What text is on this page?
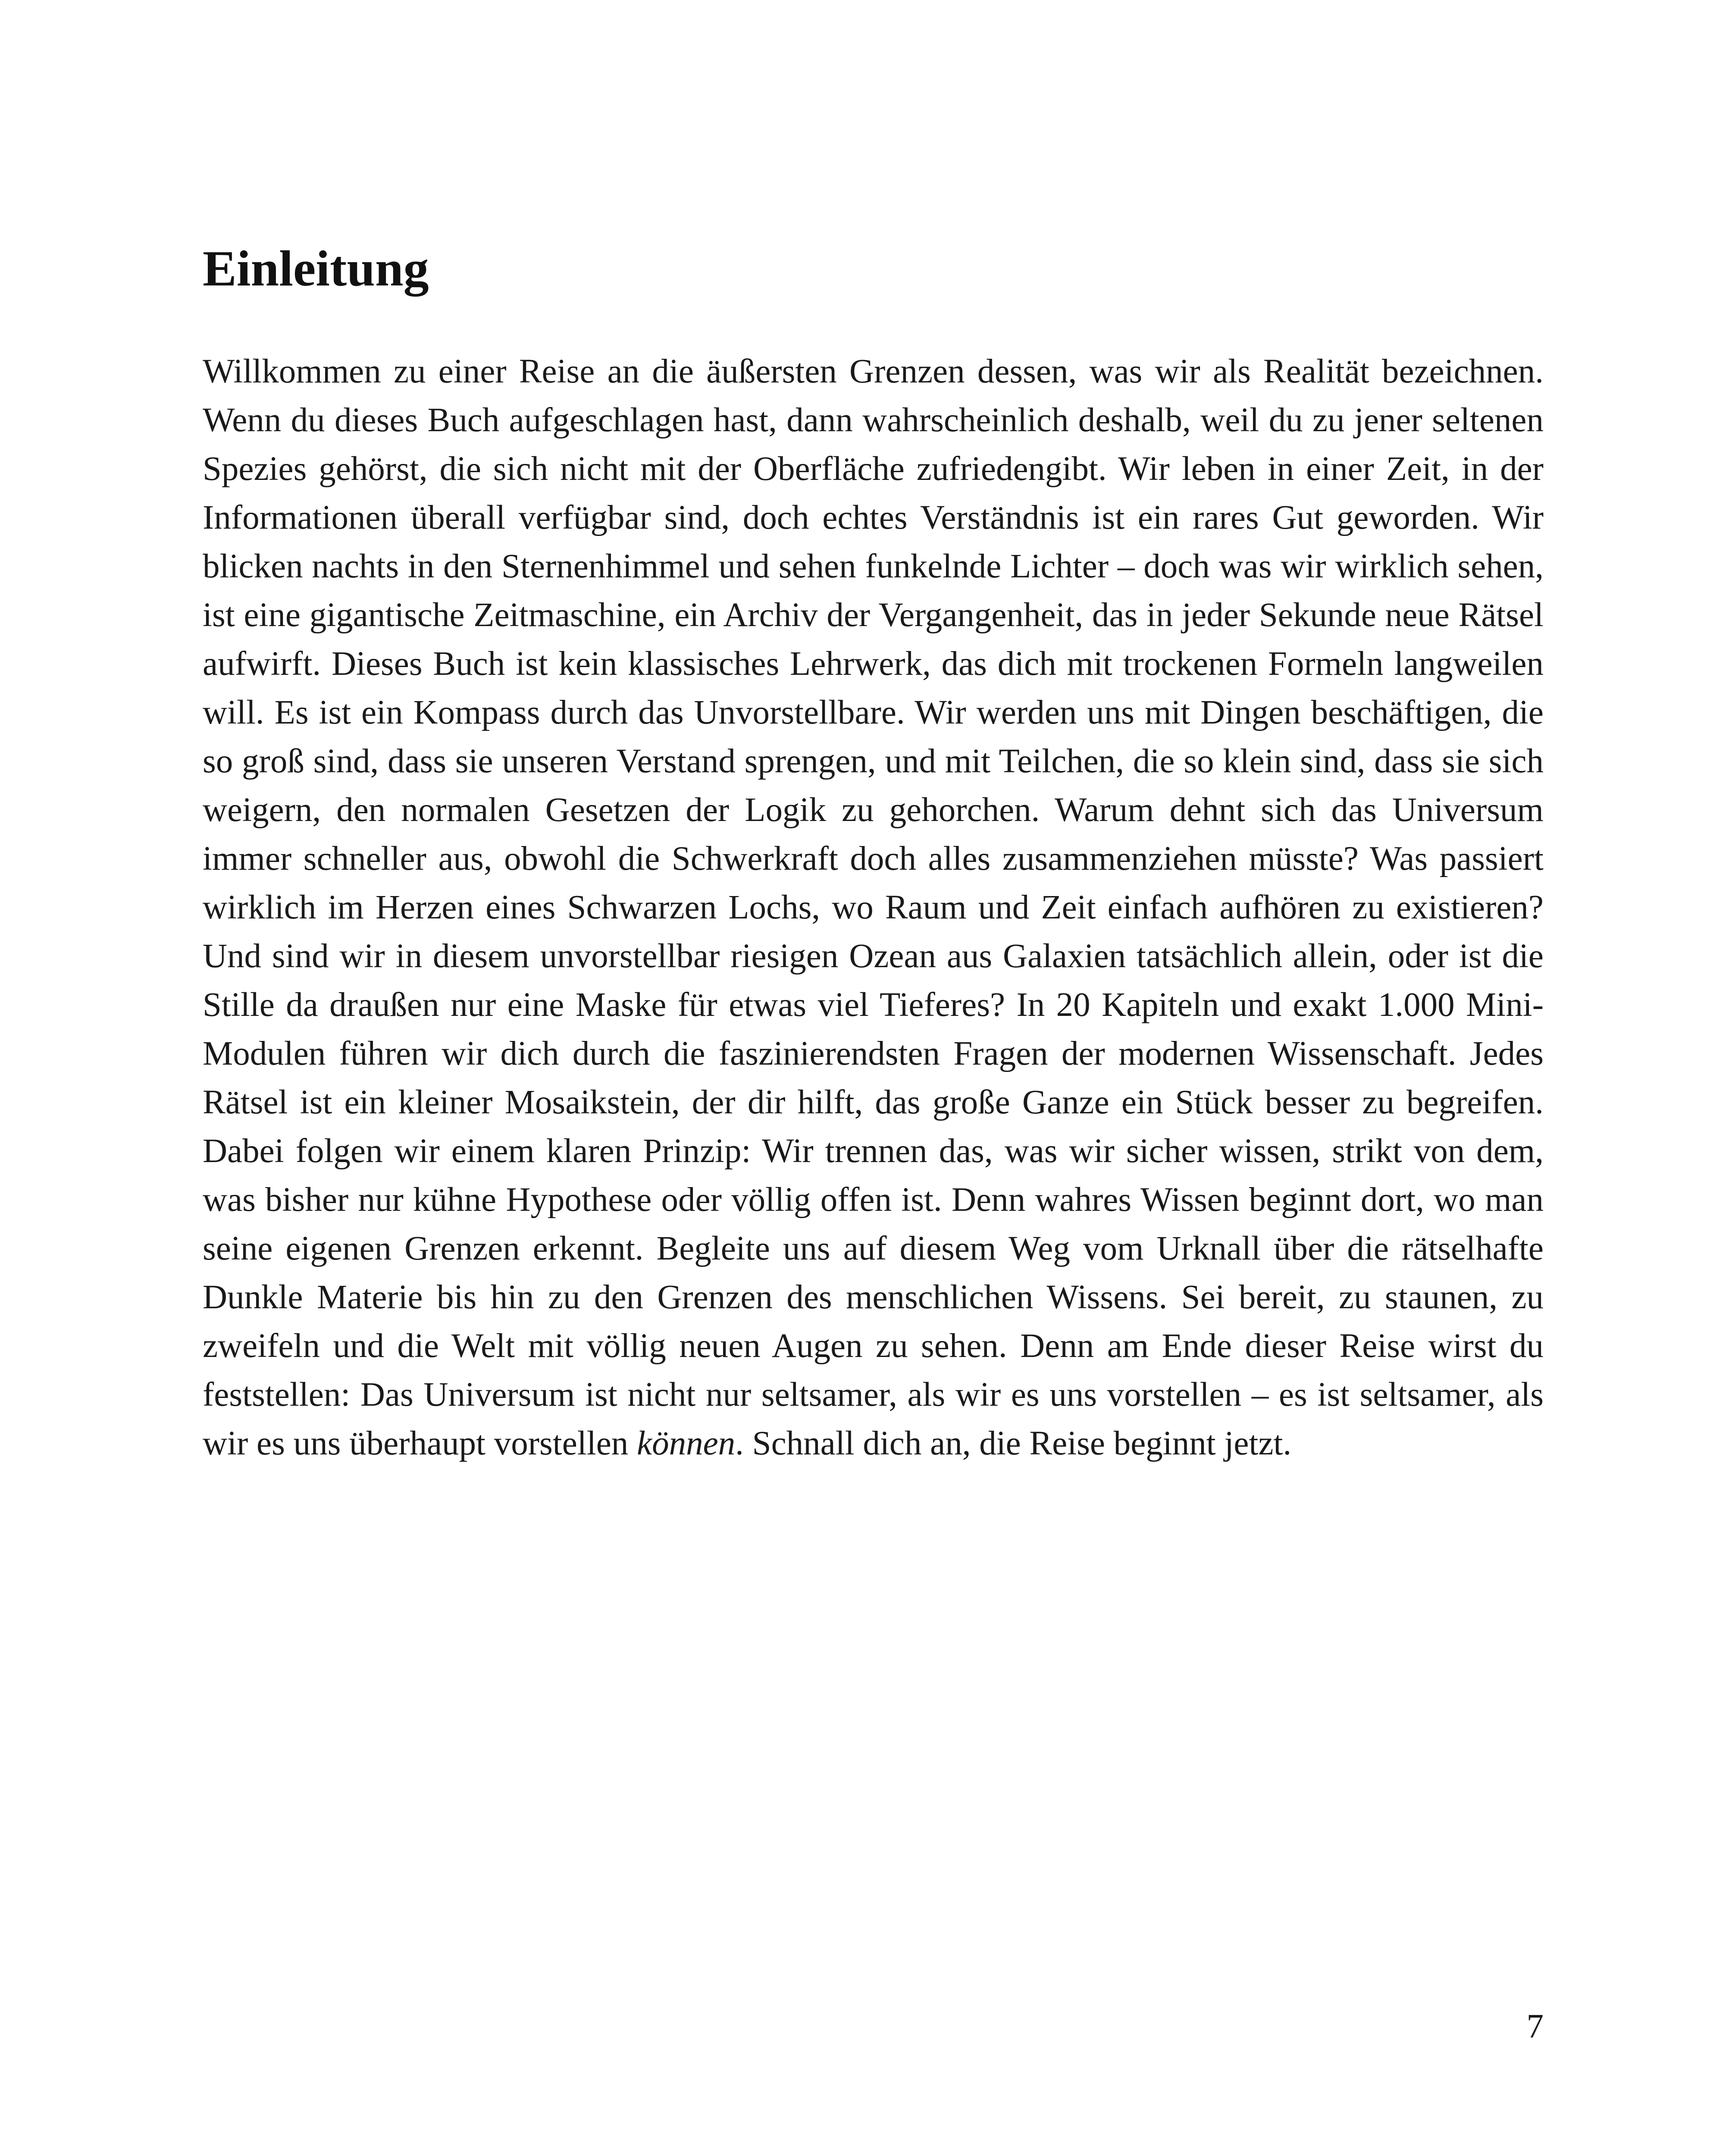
Einleitung

Willkommen zu einer Reise an die äußersten Grenzen dessen, was wir als Realität bezeichnen. Wenn du dieses Buch aufgeschlagen hast, dann wahrscheinlich deshalb, weil du zu jener seltenen Spezies gehörst, die sich nicht mit der Oberfläche zufriedengibt. Wir leben in einer Zeit, in der Informationen überall verfügbar sind, doch echtes Verständnis ist ein rares Gut geworden. Wir blicken nachts in den Sternenhimmel und sehen funkelnde Lichter – doch was wir wirklich sehen, ist eine gigantische Zeitmaschine, ein Archiv der Vergangenheit, das in jeder Sekunde neue Rätsel aufwirft. Dieses Buch ist kein klassisches Lehrwerk, das dich mit trockenen Formeln langweilen will. Es ist ein Kompass durch das Unvorstellbare. Wir werden uns mit Dingen beschäftigen, die so groß sind, dass sie unseren Verstand sprengen, und mit Teilchen, die so klein sind, dass sie sich weigern, den normalen Gesetzen der Logik zu gehorchen. Warum dehnt sich das Universum immer schneller aus, obwohl die Schwerkraft doch alles zusammenziehen müsste? Was passiert wirklich im Herzen eines Schwarzen Lochs, wo Raum und Zeit einfach aufhören zu existieren? Und sind wir in diesem unvorstellbar riesigen Ozean aus Galaxien tatsächlich allein, oder ist die Stille da draußen nur eine Maske für etwas viel Tieferes? In 20 Kapiteln und exakt 1.000 Mini-Modulen führen wir dich durch die faszinierendsten Fragen der modernen Wissenschaft. Jedes Rätsel ist ein kleiner Mosaikstein, der dir hilft, das große Ganze ein Stück besser zu begreifen. Dabei folgen wir einem klaren Prinzip: Wir trennen das, was wir sicher wissen, strikt von dem, was bisher nur kühne Hypothese oder völlig offen ist. Denn wahres Wissen beginnt dort, wo man seine eigenen Grenzen erkennt. Begleite uns auf diesem Weg vom Urknall über die rätselhafte Dunkle Materie bis hin zu den Grenzen des menschlichen Wissens. Sei bereit, zu staunen, zu zweifeln und die Welt mit völlig neuen Augen zu sehen. Denn am Ende dieser Reise wirst du feststellen: Das Universum ist nicht nur seltsamer, als wir es uns vorstellen – es ist seltsamer, als wir es uns überhaupt vorstellen können. Schnall dich an, die Reise beginnt jetzt.

7
